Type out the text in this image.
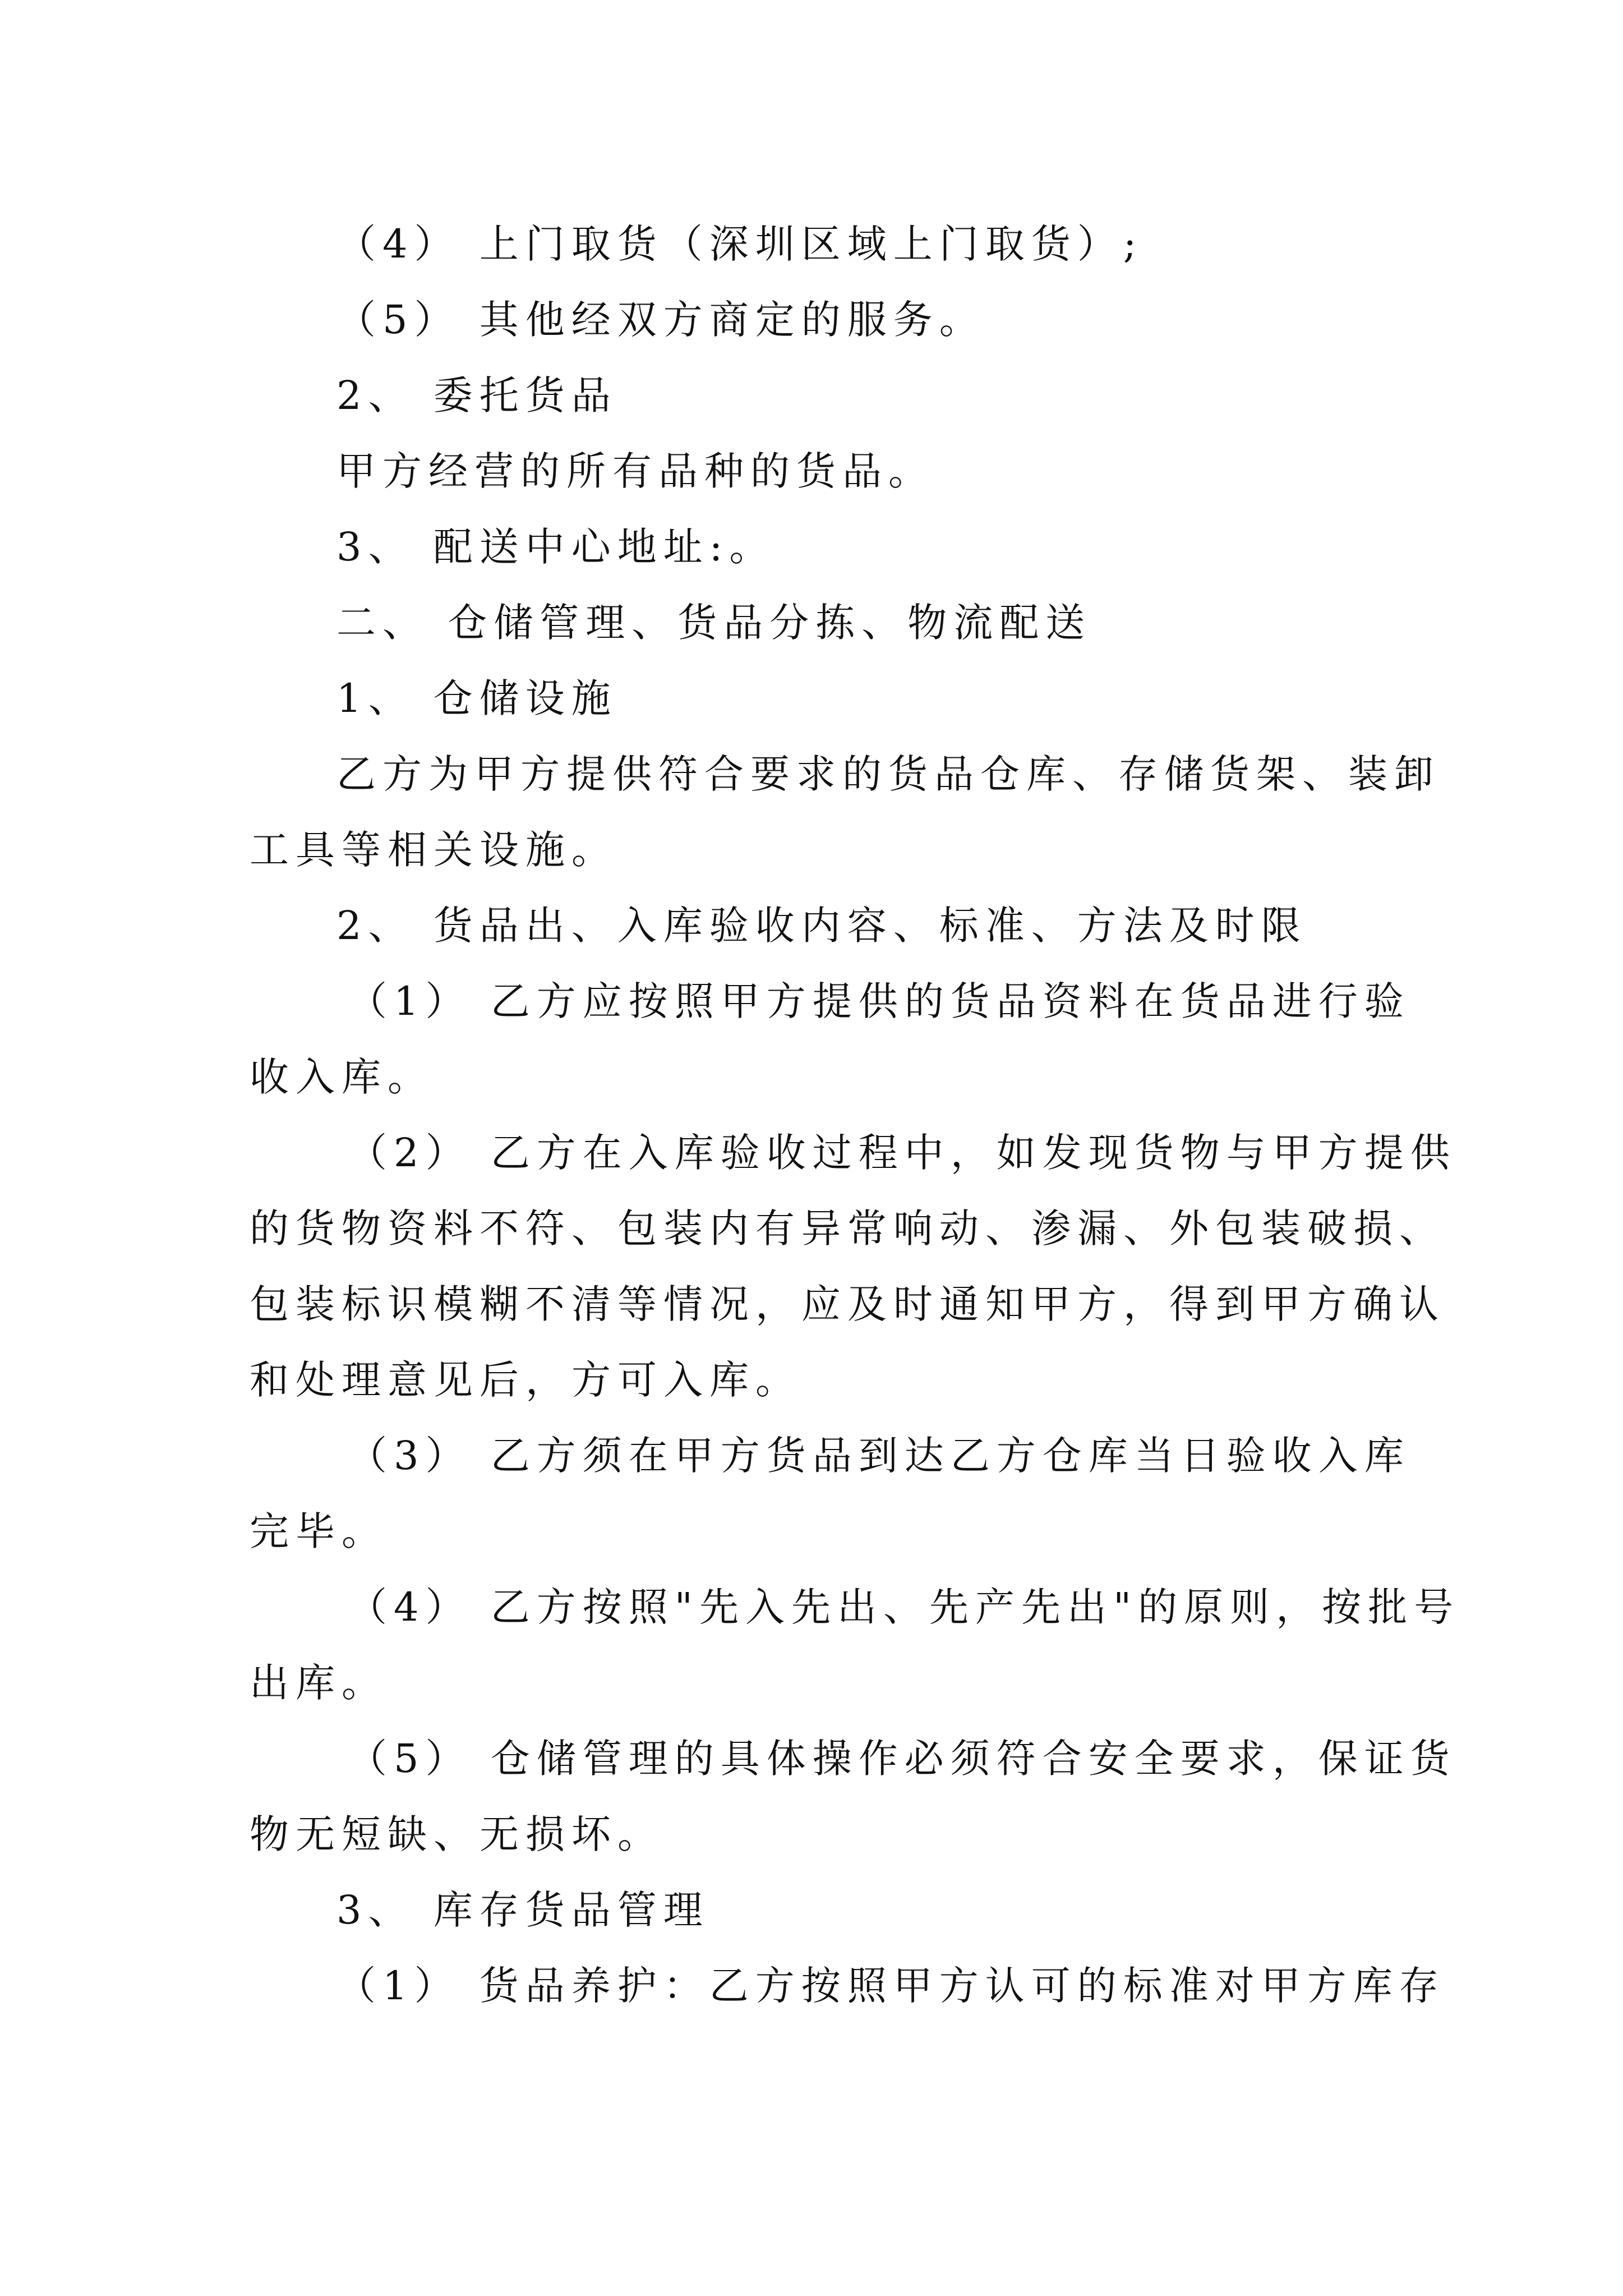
（4） 上门取货（深圳区域上门取货）;
（5） 其他经双方商定的服务。
2、 委托货品
甲方经营的所有品种的货品。
3、 配送中心地址:。
二、 仓储管理、货品分拣、物流配送
1、 仓储设施
乙方为甲方提供符合要求的货品仓库、存储货架、装卸
工具等相关设施。
2、 货品出、入库验收内容、标准、方法及时限
（1） 乙方应按照甲方提供的货品资料在货品进行验
收入库。
（2） 乙方在入库验收过程中，如发现货物与甲方提供
的货物资料不符、包装内有异常响动、渗漏、外包装破损、
包装标识模糊不清等情况，应及时通知甲方，得到甲方确认
和处理意见后，方可入库。
（3） 乙方须在甲方货品到达乙方仓库当日验收入库
完毕。
（4） 乙方按照"先入先出、先产先出"的原则，按批号
出库。
（5） 仓储管理的具体操作必须符合安全要求，保证货
物无短缺、无损坏。
3、 库存货品管理
（1） 货品养护：乙方按照甲方认可的标准对甲方库存
